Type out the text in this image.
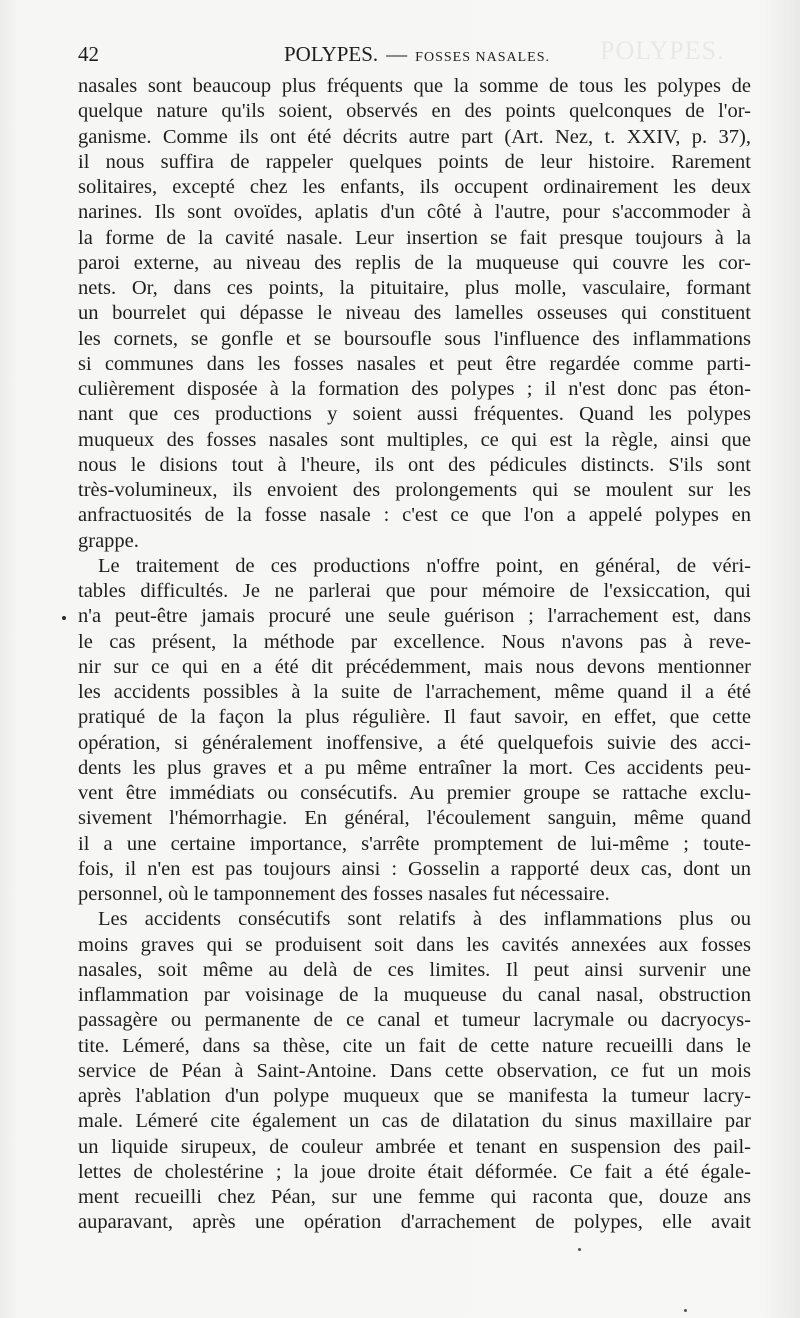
POLYPES.
42	POLYPES. — FOSSES NASALES.
nasales sont beaucoup plus fréquents que la somme de tous les polypes de
quelque nature qu'ils soient, observés en des points quelconques de l'or-
ganisme. Comme ils ont été décrits autre part (Art. Nez, t. XXIV, p. 37),
il nous suffira de rappeler quelques points de leur histoire. Rarement
solitaires, excepté chez les enfants, ils occupent ordinairement les deux
narines. Ils sont ovoïdes, aplatis d'un côté à l'autre, pour s'accommoder à
la forme de la cavité nasale. Leur insertion se fait presque toujours à la
paroi externe, au niveau des replis de la muqueuse qui couvre les cor-
nets. Or, dans ces points, la pituitaire, plus molle, vasculaire, formant
un bourrelet qui dépasse le niveau des lamelles osseuses qui constituent
les cornets, se gonfle et se boursoufle sous l'influence des inflammations
si communes dans les fosses nasales et peut être regardée comme parti-
culièrement disposée à la formation des polypes ; il n'est donc pas éton-
nant que ces productions y soient aussi fréquentes. Quand les polypes
muqueux des fosses nasales sont multiples, ce qui est la règle, ainsi que
nous le disions tout à l'heure, ils ont des pédicules distincts. S'ils sont
très-volumineux, ils envoient des prolongements qui se moulent sur les
anfractuosités de la fosse nasale : c'est ce que l'on a appelé polypes en
grappe.
Le traitement de ces productions n'offre point, en général, de véri-
tables difficultés. Je ne parlerai que pour mémoire de l'exsiccation, qui
n'a peut-être jamais procuré une seule guérison ; l'arrachement est, dans
le cas présent, la méthode par excellence. Nous n'avons pas à reve-
nir sur ce qui en a été dit précédemment, mais nous devons mentionner
les accidents possibles à la suite de l'arrachement, même quand il a été
pratiqué de la façon la plus régulière. Il faut savoir, en effet, que cette
opération, si généralement inoffensive, a été quelquefois suivie des acci-
dents les plus graves et a pu même entraîner la mort. Ces accidents peu-
vent être immédiats ou consécutifs. Au premier groupe se rattache exclu-
sivement l'hémorrhagie. En général, l'écoulement sanguin, même quand
il a une certaine importance, s'arrête promptement de lui-même ; toute-
fois, il n'en est pas toujours ainsi : Gosselin a rapporté deux cas, dont un
personnel, où le tamponnement des fosses nasales fut nécessaire.
Les accidents consécutifs sont relatifs à des inflammations plus ou
moins graves qui se produisent soit dans les cavités annexées aux fosses
nasales, soit même au delà de ces limites. Il peut ainsi survenir une
inflammation par voisinage de la muqueuse du canal nasal, obstruction
passagère ou permanente de ce canal et tumeur lacrymale ou dacryocys-
tite. Lémeré, dans sa thèse, cite un fait de cette nature recueilli dans le
service de Péan à Saint-Antoine. Dans cette observation, ce fut un mois
après l'ablation d'un polype muqueux que se manifesta la tumeur lacry-
male. Lémeré cite également un cas de dilatation du sinus maxillaire par
un liquide sirupeux, de couleur ambrée et tenant en suspension des pail-
lettes de cholestérine ; la joue droite était déformée. Ce fait a été égale-
ment recueilli chez Péan, sur une femme qui raconta que, douze ans
auparavant, après une opération d'arrachement de polypes, elle avait
